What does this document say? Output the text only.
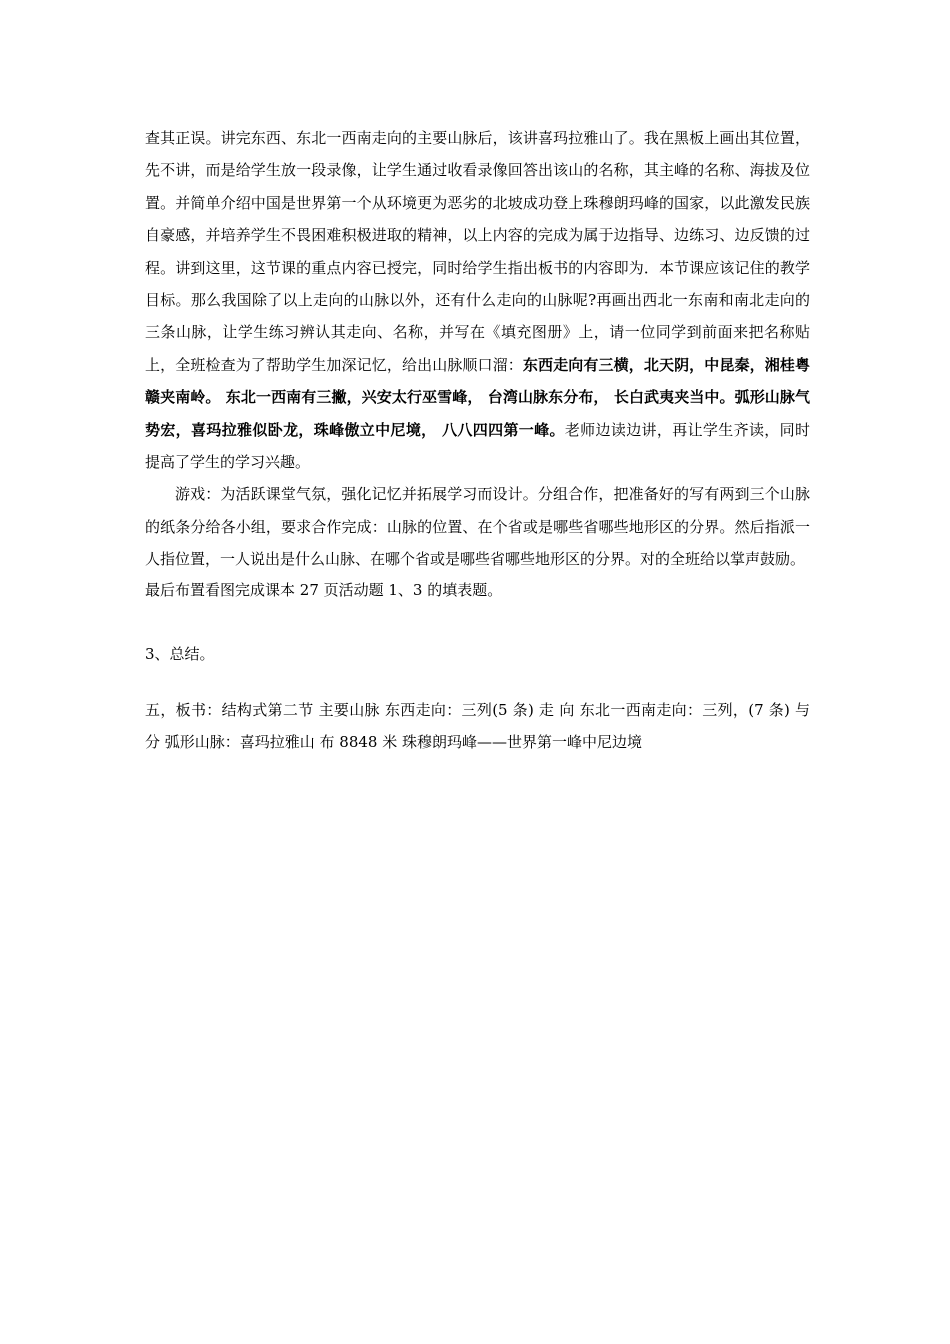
查其正误。讲完东西、东北一西南走向的主要山脉后，该讲喜玛拉雅山了。我在黑板上画出其位置，先不讲，而是给学生放一段录像，让学生通过收看录像回答出该山的名称，其主峰的名称、海拔及位置。并简单介绍中国是世界第一个从环境更为恶劣的北坡成功登上珠穆朗玛峰的国家，以此激发民族自豪感，并培养学生不畏困难积极进取的精神，以上内容的完成为属于边指导、边练习、边反馈的过程。讲到这里，这节课的重点内容已授完，同时给学生指出板书的内容即为．本节课应该记住的教学目标。那么我国除了以上走向的山脉以外，还有什么走向的山脉呢?再画出西北一东南和南北走向的三条山脉，让学生练习辨认其走向、名称，并写在《填充图册》上，请一位同学到前面来把名称贴上，全班检查为了帮助学生加深记忆，给出山脉顺口溜：东西走向有三横，北天阴，中昆秦，湘桂粤赣夹南岭。 东北一西南有三撇，兴安太行巫雪峰， 台湾山脉东分布， 长白武夷夹当中。弧形山脉气势宏，喜玛拉雅似卧龙，珠峰傲立中尼境， 八八四四第一峰。老师边读边讲，再让学生齐读，同时提高了学生的学习兴趣。

游戏：为活跃课堂气氛，强化记忆并拓展学习而设计。分组合作，把准备好的写有两到三个山脉的纸条分给各小组，要求合作完成：山脉的位置、在个省或是哪些省哪些地形区的分界。然后指派一人指位置，一人说出是什么山脉、在哪个省或是哪些省哪些地形区的分界。对的全班给以掌声鼓励。

最后布置看图完成课本 27 页活动题 1、3 的填表题。

3、总结。

五，板书：结构式第二节 主要山脉 东西走向：三列(5 条) 走 向 东北一西南走向：三列，(7 条) 与 分 弧形山脉：喜玛拉雅山 布 8848 米 珠穆朗玛峰——世界第一峰中尼边境
